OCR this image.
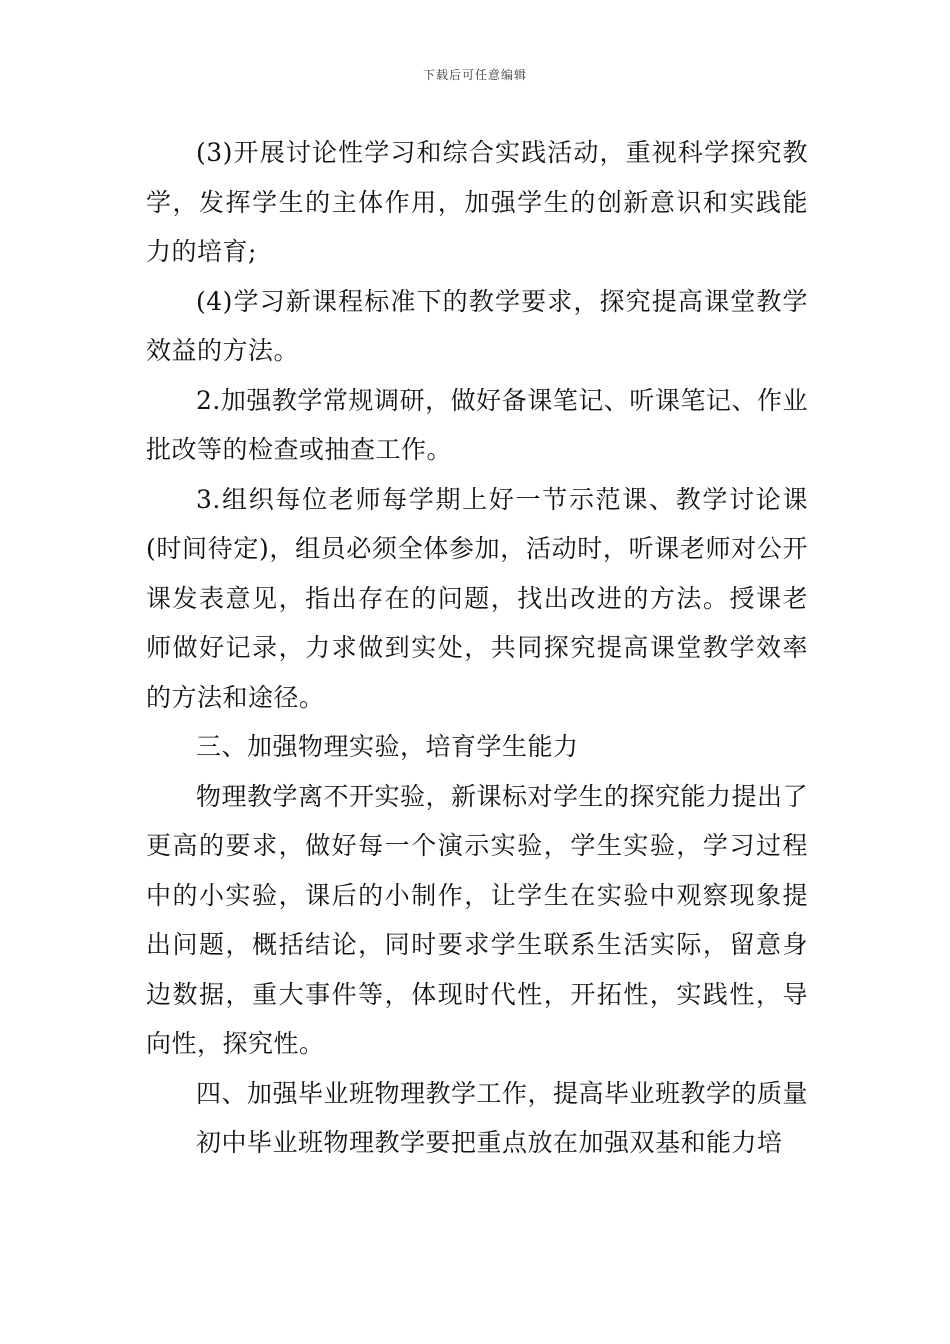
下载后可任意编辑

(3)开展讨论性学习和综合实践活动，重视科学探究教学，发挥学生的主体作用，加强学生的创新意识和实践能力的培育;

(4)学习新课程标准下的教学要求，探究提高课堂教学效益的方法。

2.加强教学常规调研，做好备课笔记、听课笔记、作业批改等的检查或抽查工作。

3.组织每位老师每学期上好一节示范课、教学讨论课(时间待定)，组员必须全体参加，活动时，听课老师对公开课发表意见，指出存在的问题，找出改进的方法。授课老师做好记录，力求做到实处，共同探究提高课堂教学效率的方法和途径。

三、加强物理实验，培育学生能力

物理教学离不开实验，新课标对学生的探究能力提出了更高的要求，做好每一个演示实验，学生实验，学习过程中的小实验，课后的小制作，让学生在实验中观察现象提出问题，概括结论，同时要求学生联系生活实际，留意身边数据，重大事件等，体现时代性，开拓性，实践性，导向性，探究性。

四、加强毕业班物理教学工作，提高毕业班教学的质量

初中毕业班物理教学要把重点放在加强双基和能力培
